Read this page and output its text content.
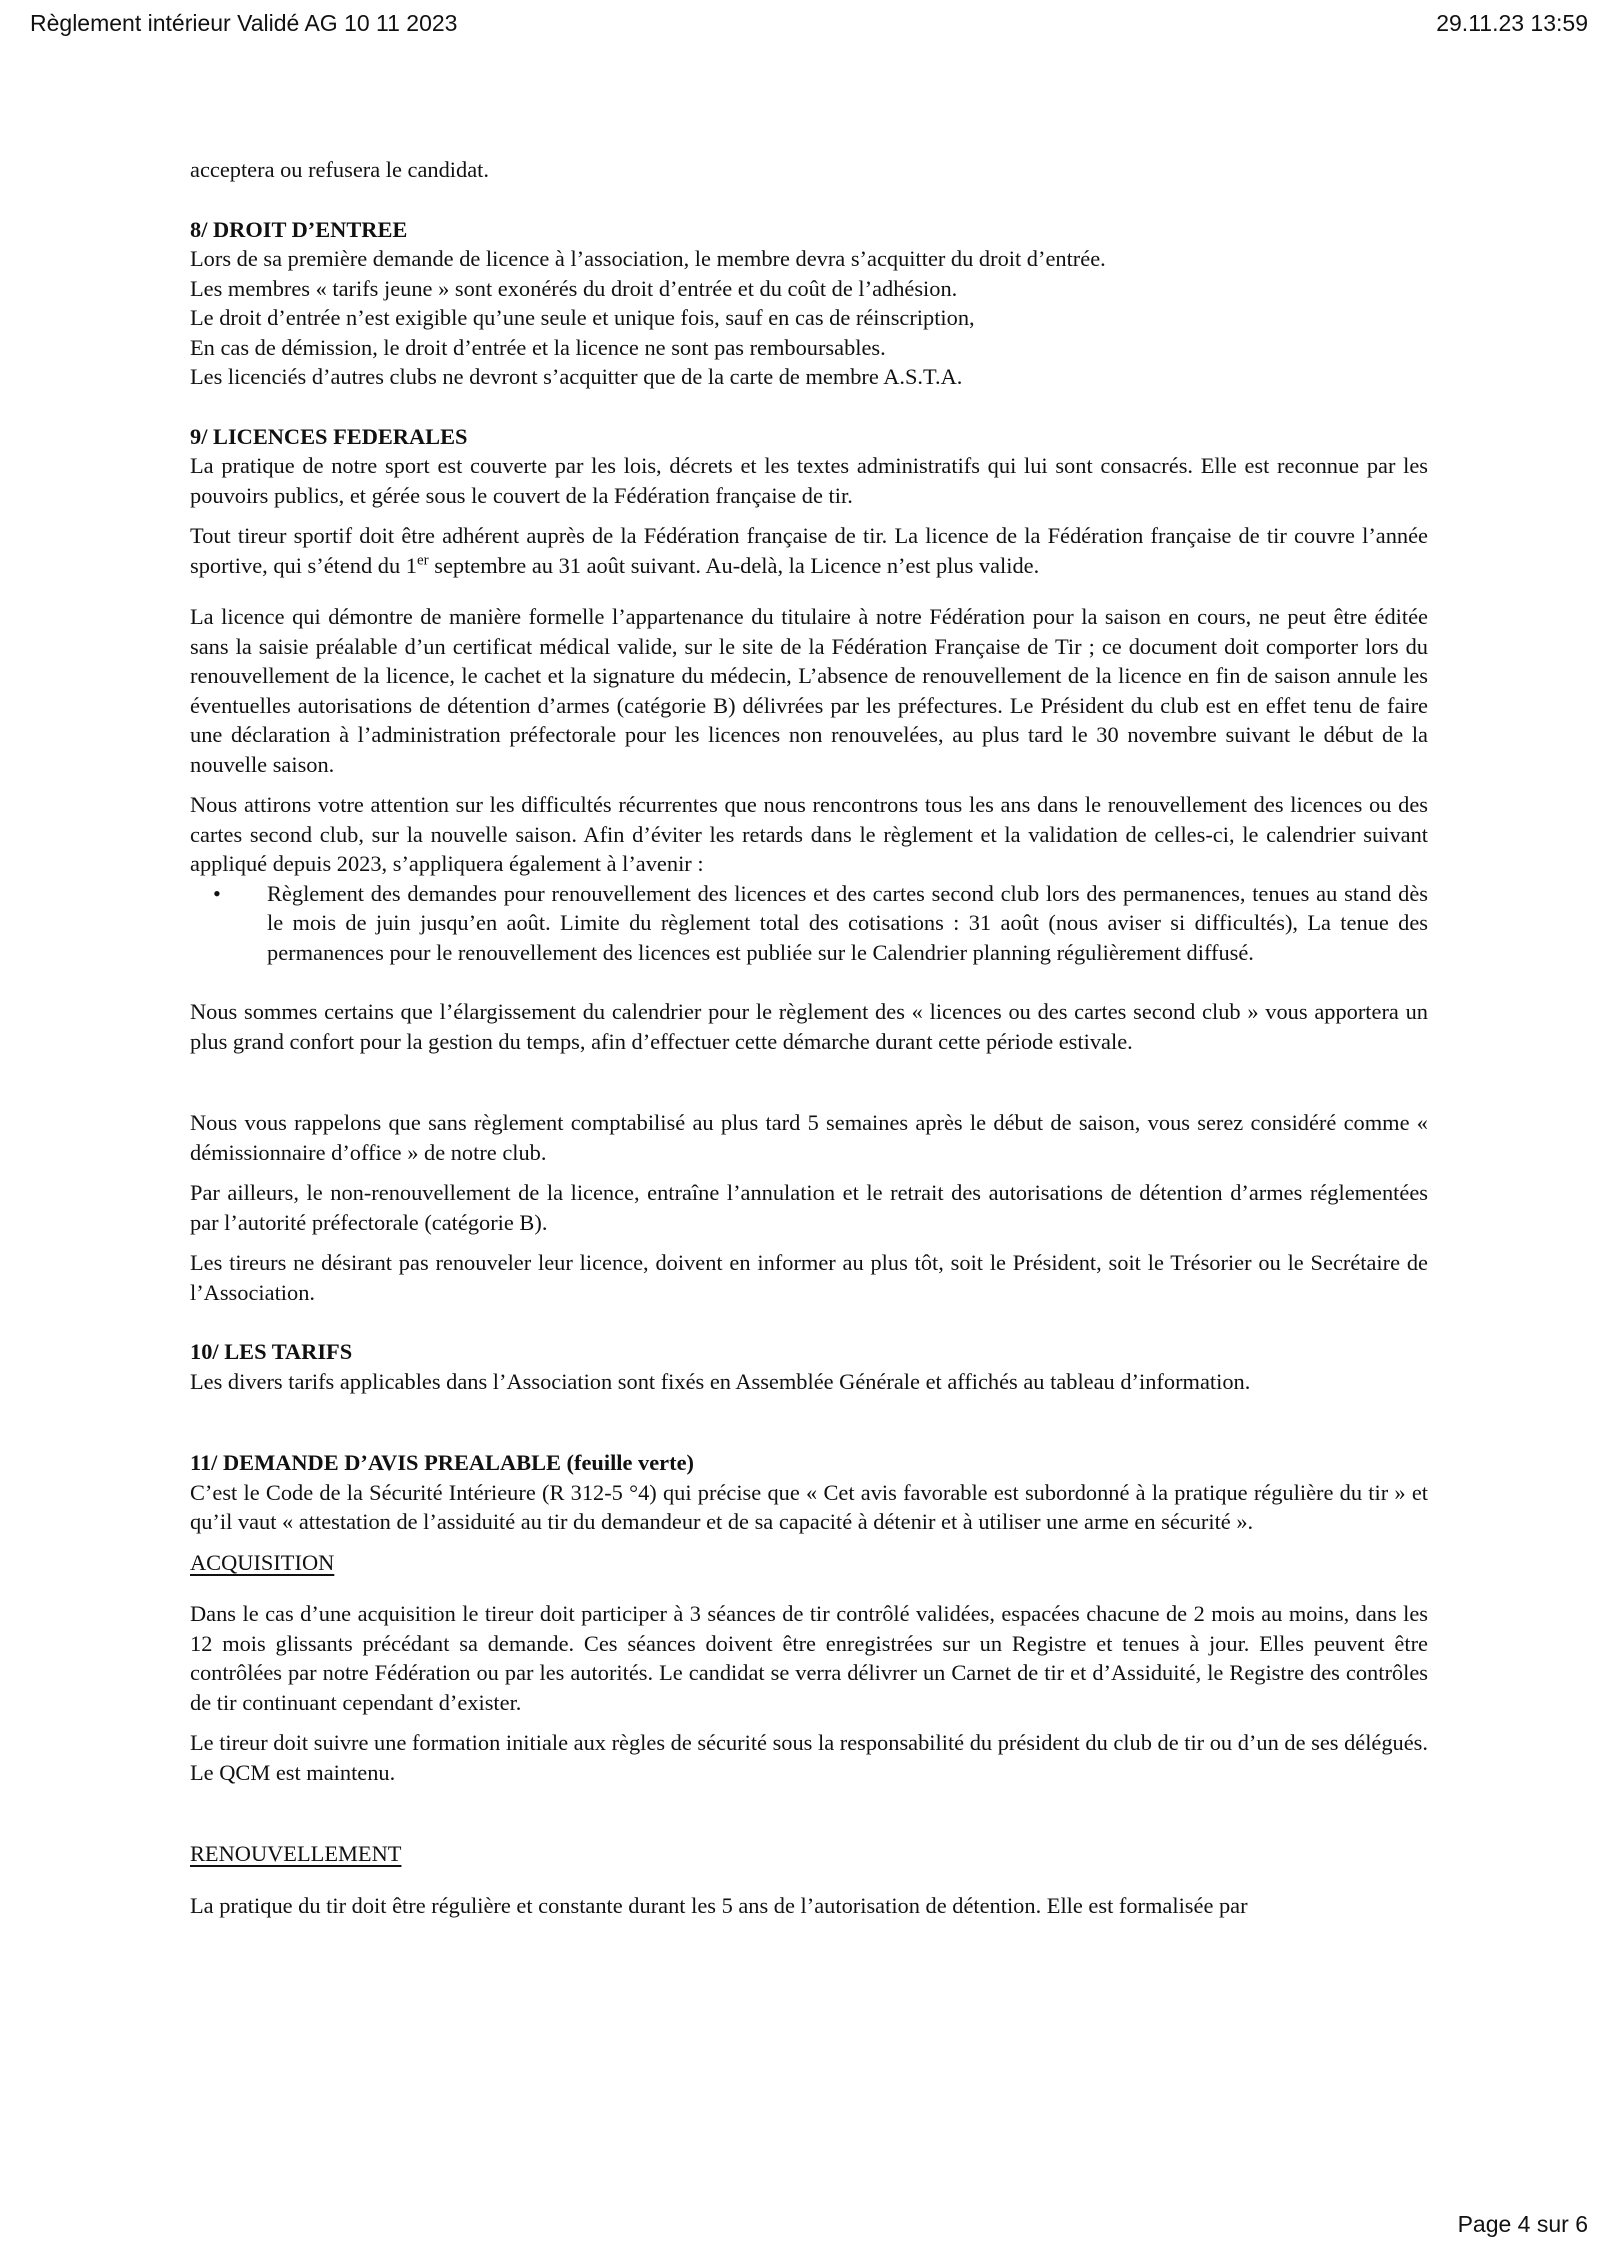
Règlement intérieur Validé AG 10 11 2023	29.11.23 13:59

acceptera ou refusera le candidat.

8/ DROIT D’ENTREE

Lors de sa première demande de licence à l’association, le membre devra s’acquitter du droit d’entrée.

Les membres « tarifs jeune » sont exonérés du droit d’entrée et du coût de l’adhésion.

Le droit d’entrée n’est exigible qu’une seule et unique fois, sauf en cas de réinscription,

En cas de démission, le droit d’entrée et la licence ne sont pas remboursables.

Les licenciés d’autres clubs ne devront s’acquitter que de la carte de membre A.S.T.A.

9/ LICENCES FEDERALES

La pratique de notre sport est couverte par les lois, décrets et les textes administratifs qui lui sont consacrés. Elle est reconnue par les pouvoirs publics, et gérée sous le couvert de la Fédération française de tir.

Tout tireur sportif doit être adhérent auprès de la Fédération française de tir. La licence de la Fédération française de tir couvre l’année sportive, qui s’étend du 1er septembre au 31 août suivant. Au-delà, la Licence n’est plus valide.

La licence qui démontre de manière formelle l’appartenance du titulaire à notre Fédération pour la saison en cours, ne peut être éditée sans la saisie préalable d’un certificat médical valide, sur le site de la Fédération Française de Tir ; ce document doit comporter lors du renouvellement de la licence, le cachet et la signature du médecin, L’absence de renouvellement de la licence en fin de saison annule les éventuelles autorisations de détention d’armes (catégorie B) délivrées par les préfectures. Le Président du club est en effet tenu de faire une déclaration à l’administration préfectorale pour les licences non renouvelées, au plus tard le 30 novembre suivant le début de la nouvelle saison.

Nous attirons votre attention sur les difficultés récurrentes que nous rencontrons tous les ans dans le renouvellement des licences ou des cartes second club, sur la nouvelle saison. Afin d’éviter les retards dans le règlement et la validation de celles-ci, le calendrier suivant appliqué depuis 2023, s’appliquera également à l’avenir :

•	Règlement des demandes pour renouvellement des licences et des cartes second club lors des permanences, tenues au stand dès le mois de juin jusqu’en août. Limite du règlement total des cotisations : 31 août (nous aviser si difficultés), La tenue des permanences pour le renouvellement des licences est publiée sur le Calendrier planning régulièrement diffusé.

Nous sommes certains que l’élargissement du calendrier pour le règlement des « licences ou des cartes second club » vous apportera un plus grand confort pour la gestion du temps, afin d’effectuer cette démarche durant cette période estivale.

Nous vous rappelons que sans règlement comptabilisé au plus tard 5 semaines après le début de saison, vous serez considéré comme « démissionnaire d’office » de notre club.

Par ailleurs, le non-renouvellement de la licence, entraîne l’annulation et le retrait des autorisations de détention d’armes réglementées par l’autorité préfectorale (catégorie B).

Les tireurs ne désirant pas renouveler leur licence, doivent en informer au plus tôt, soit le Président, soit le Trésorier ou le Secrétaire de l’Association.

10/ LES TARIFS

Les divers tarifs applicables dans l’Association sont fixés en Assemblée Générale et affichés au tableau d’information.

11/ DEMANDE D’AVIS PREALABLE (feuille verte)

C’est le Code de la Sécurité Intérieure (R 312-5 °4) qui précise que « Cet avis favorable est subordonné à la pratique régulière du tir » et qu’il vaut « attestation de l’assiduité au tir du demandeur et de sa capacité à détenir et à utiliser une arme en sécurité ».

ACQUISITION

Dans le cas d’une acquisition le tireur doit participer à 3 séances de tir contrôlé validées, espacées chacune de 2 mois au moins, dans les 12 mois glissants précédant sa demande. Ces séances doivent être enregistrées sur un Registre et tenues à jour. Elles peuvent être contrôlées par notre Fédération ou par les autorités. Le candidat se verra délivrer un Carnet de tir et d’Assiduité, le Registre des contrôles de tir continuant cependant d’exister.

Le tireur doit suivre une formation initiale aux règles de sécurité sous la responsabilité du président du club de tir ou d’un de ses délégués. Le QCM est maintenu.

RENOUVELLEMENT

La pratique du tir doit être régulière et constante durant les 5 ans de l’autorisation de détention. Elle est formalisée par

Page 4 sur 6
